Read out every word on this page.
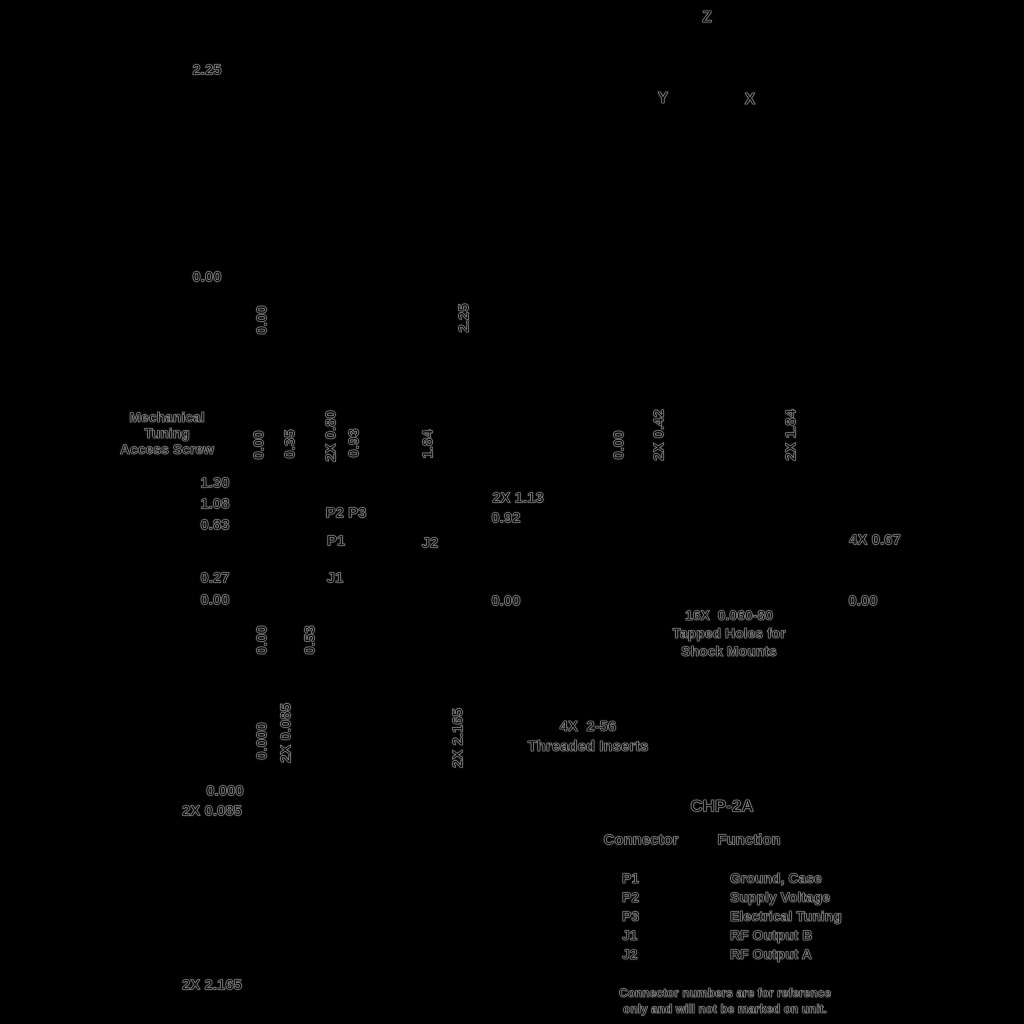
Z
Y	X
Mechanical
Tuning
Access Screw
16X  0.060-80
Tapped Holes for
Shock Mounts
4X  2-56
Threaded Inserts
CHP-2A
Connector	Function
P1	Ground, Case
P2	Supply Voltage
P3	Electrical Tuning
J1	RF Output B
J2	RF Output A
Connector numbers are for reference
only and will not be marked on unit.
2.25
0.00
0.00	2.25
0.00 0.35 2X 0.80 0.93	1.84	0.00 2X 0.42	2X 1.84
1.30
1.08
0.83
2X 1.13
0.92
4X 0.67
0.27
0.00	0.00	0.00
0.00 0.53
0.000 2X 0.085	2X 2.165
0.000
2X 0.085
2X 2.165
P2 P3
P1	J2
J1
